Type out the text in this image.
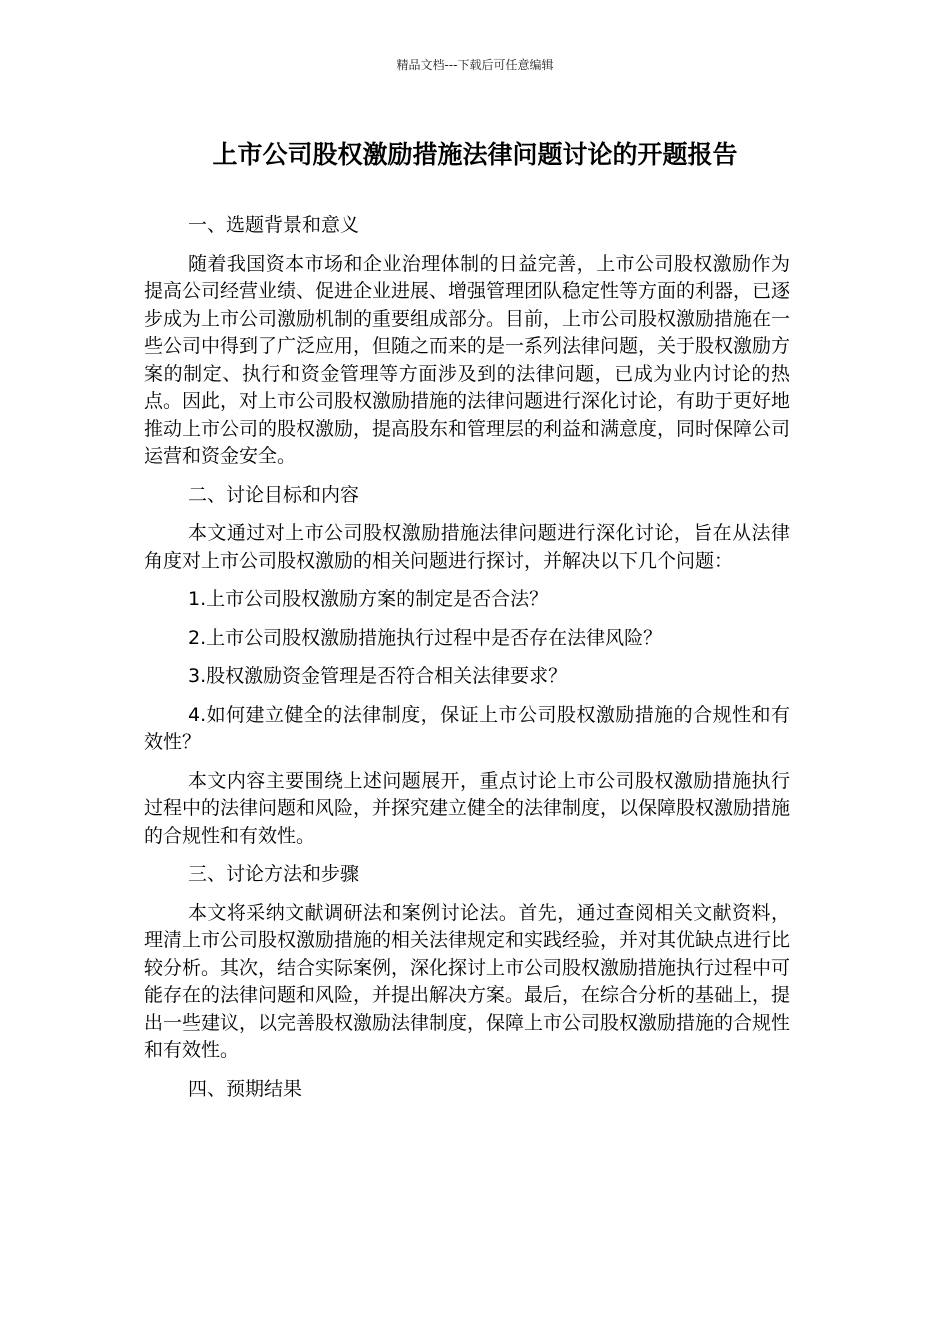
精品文档---下载后可任意编辑
上市公司股权激励措施法律问题讨论的开题报告

一、选题背景和意义

随着我国资本市场和企业治理体制的日益完善，上市公司股权激励作为提高公司经营业绩、促进企业进展、增强管理团队稳定性等方面的利器，已逐步成为上市公司激励机制的重要组成部分。目前，上市公司股权激励措施在一些公司中得到了广泛应用，但随之而来的是一系列法律问题，关于股权激励方案的制定、执行和资金管理等方面涉及到的法律问题，已成为业内讨论的热点。因此，对上市公司股权激励措施的法律问题进行深化讨论，有助于更好地推动上市公司的股权激励，提高股东和管理层的利益和满意度，同时保障公司运营和资金安全。

二、讨论目标和内容

本文通过对上市公司股权激励措施法律问题进行深化讨论，旨在从法律角度对上市公司股权激励的相关问题进行探讨，并解决以下几个问题：

1.上市公司股权激励方案的制定是否合法？

2.上市公司股权激励措施执行过程中是否存在法律风险？

3.股权激励资金管理是否符合相关法律要求？

4.如何建立健全的法律制度，保证上市公司股权激励措施的合规性和有效性？

本文内容主要围绕上述问题展开，重点讨论上市公司股权激励措施执行过程中的法律问题和风险，并探究建立健全的法律制度，以保障股权激励措施的合规性和有效性。

三、讨论方法和步骤

本文将采纳文献调研法和案例讨论法。首先，通过查阅相关文献资料，理清上市公司股权激励措施的相关法律规定和实践经验，并对其优缺点进行比较分析。其次，结合实际案例，深化探讨上市公司股权激励措施执行过程中可能存在的法律问题和风险，并提出解决方案。最后，在综合分析的基础上，提出一些建议，以完善股权激励法律制度，保障上市公司股权激励措施的合规性和有效性。

四、预期结果
